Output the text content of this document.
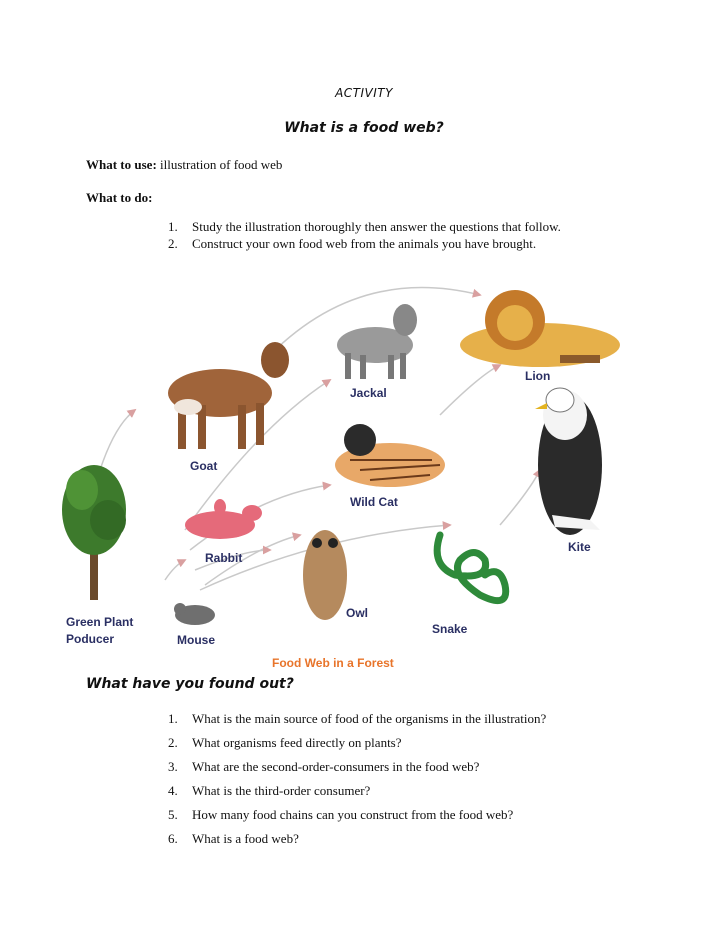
ACTIVITY
What is a food web?
What to use: illustration of food web
What to do:
1.	Study the illustration thoroughly then answer the questions that follow.
2.	Construct your own food web from the animals you have brought.
Green Plant
Poducer
Goat
Rabbit
Mouse
Jackal
Wild Cat
Owl
Snake
Lion
Kite
Food Web in a Forest
What have you found out?
1.	What is the main source of food of the organisms in the illustration?
2.	What organisms feed directly on plants?
3.	What are the second-order-consumers in the food web?
4.	What is the third-order consumer?
5.	How many food chains can you construct from the food web?
6.	What is a food web?
